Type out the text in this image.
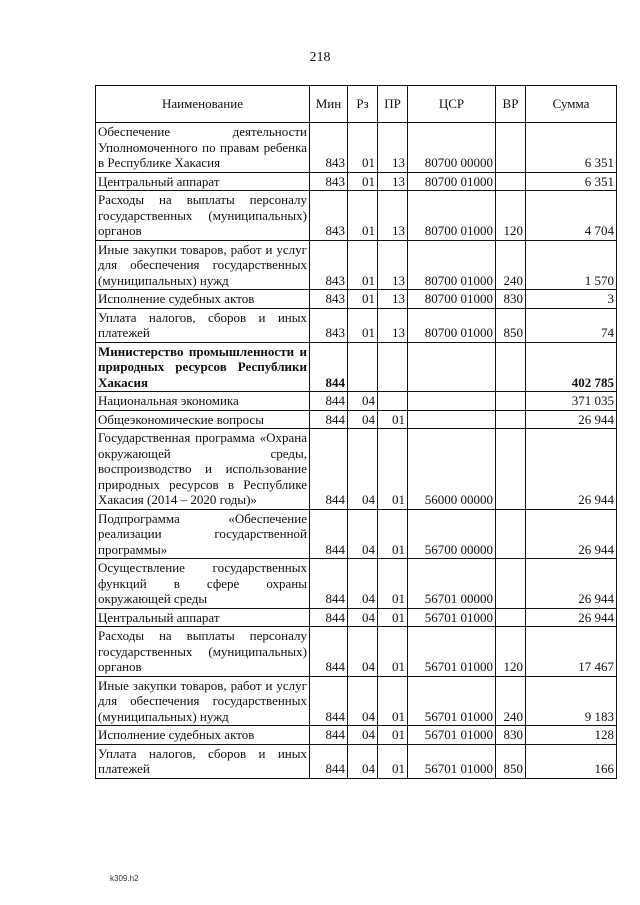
218
Наименование	Мин	Рз	ПР	ЦСР	ВР	Сумма
Обеспечение деятельности Уполномоченного по правам ребенка в Республике Хакасия	843	01	13	80700 00000		6 351
Центральный аппарат	843	01	13	80700 01000		6 351
Расходы на выплаты персоналу государственных (муниципальных) органов	843	01	13	80700 01000	120	4 704
Иные закупки товаров, работ и услуг для обеспечения государственных (муниципальных) нужд	843	01	13	80700 01000	240	1 570
Исполнение судебных актов	843	01	13	80700 01000	830	3
Уплата налогов, сборов и иных платежей	843	01	13	80700 01000	850	74
Министерство промышленности и природных ресурсов Республики Хакасия	844					402 785
Национальная экономика	844	04				371 035
Общеэкономические вопросы	844	04	01			26 944
Государственная программа «Охрана окружающей среды, воспроизводство и использование природных ресурсов в Республике Хакасия (2014 – 2020 годы)»	844	04	01	56000 00000		26 944
Подпрограмма «Обеспечение реализации государственной программы»	844	04	01	56700 00000		26 944
Осуществление государственных функций в сфере охраны окружающей среды	844	04	01	56701 00000		26 944
Центральный аппарат	844	04	01	56701 01000		26 944
Расходы на выплаты персоналу государственных (муниципальных) органов	844	04	01	56701 01000	120	17 467
Иные закупки товаров, работ и услуг для обеспечения государственных (муниципальных) нужд	844	04	01	56701 01000	240	9 183
Исполнение судебных актов	844	04	01	56701 01000	830	128
Уплата налогов, сборов и иных платежей	844	04	01	56701 01000	850	166
k309.h2
